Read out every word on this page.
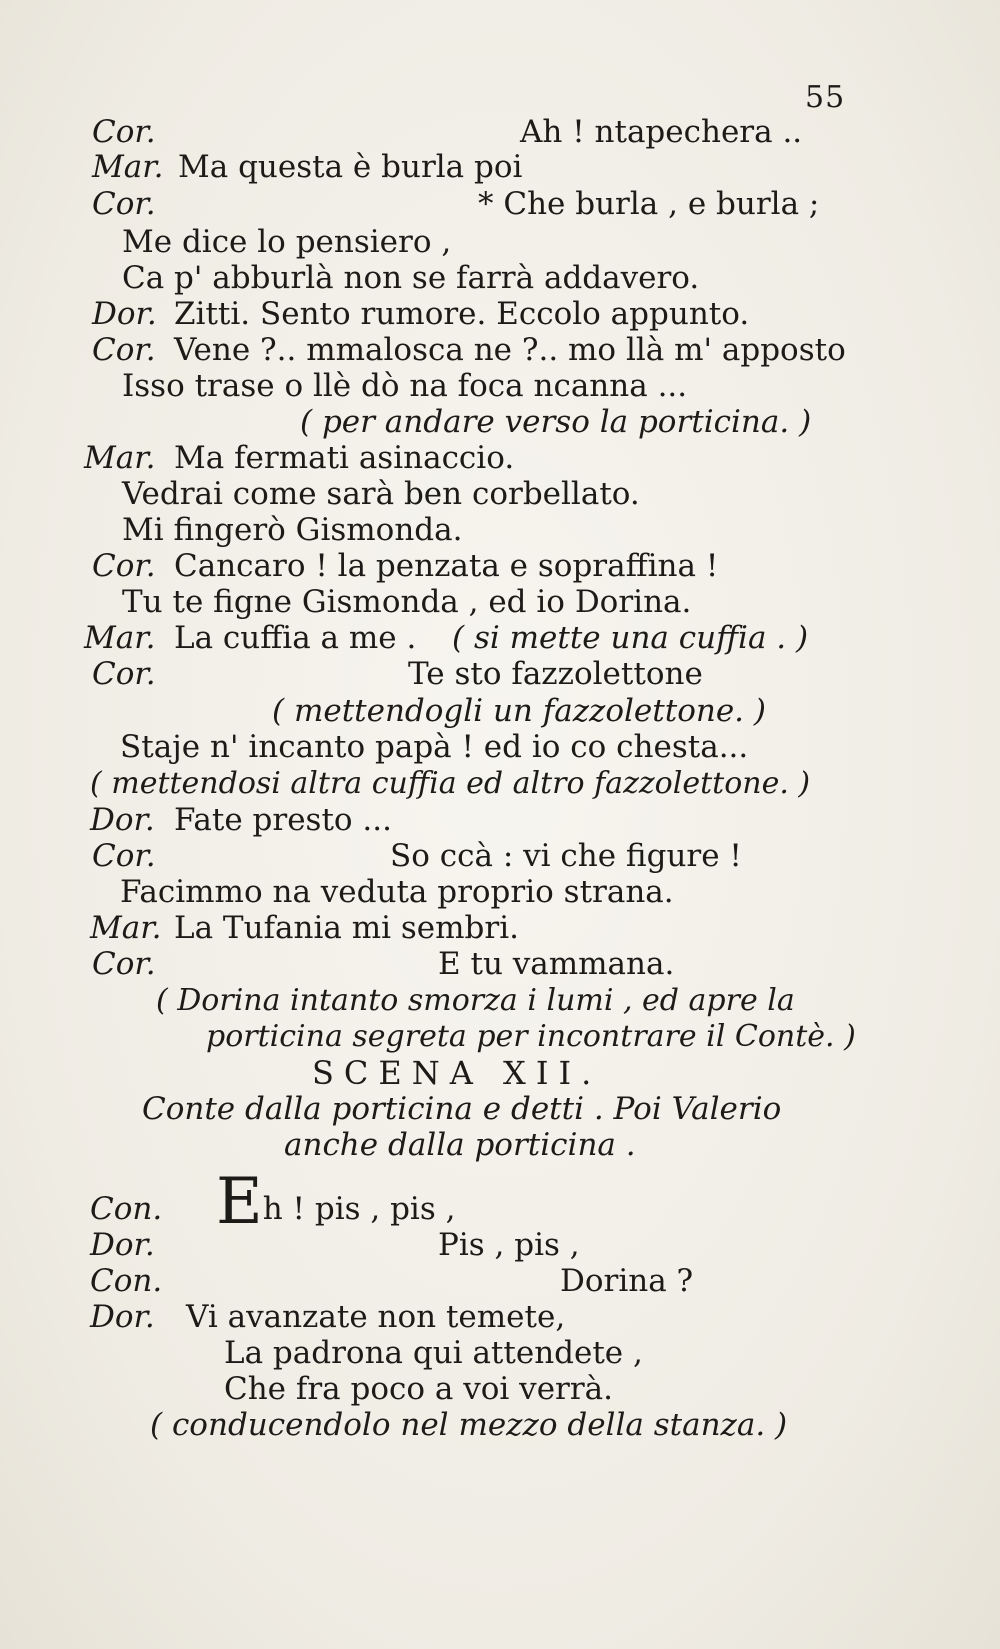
55
Cor.	Ah ! ntapechera ..
Mar. Ma questa è burla poi
Cor.	* Che burla , e burla ;
Me dice lo pensiero ,
Ca p' abburlà non se farrà addavero.
Dor. Zitti. Sento rumore. Eccolo appunto.
Cor. Vene ?.. mmalosca ne ?.. mo llà m' apposto
Isso trase o llè dò na foca ncanna ...
( per andare verso la porticina. )
Mar. Ma fermati asinaccio.
Vedrai come sarà ben corbellato.
Mi fingerò Gismonda.
Cor. Cancaro ! la penzata e sopraffina !
Tu te figne Gismonda , ed io Dorina.
Mar. La cuffia a me . ( si mette una cuffia . )
Cor.	Te sto fazzolettone
( mettendogli un fazzolettone. )
Staje n' incanto papà ! ed io co chesta...
( mettendosi altra cuffia ed altro fazzolettone. )
Dor. Fate presto ...
Cor.	So ccà : vi che figure !
Facimmo na veduta proprio strana.
Mar. La Tufania mi sembri.
Cor.	E tu vammana.
( Dorina intanto smorza i lumi , ed apre la
porticina segreta per incontrare il Contè. )
SCENA XII.
Conte dalla porticina e detti . Poi Valerio
anche dalla porticina .
Con. Eh ! pis , pis ,
Dor.	Pis , pis ,
Con.	Dorina ?
Dor. Vi avanzate non temete,
La padrona qui attendete ,
Che fra poco a voi verrà.
( conducendolo nel mezzo della stanza. )
